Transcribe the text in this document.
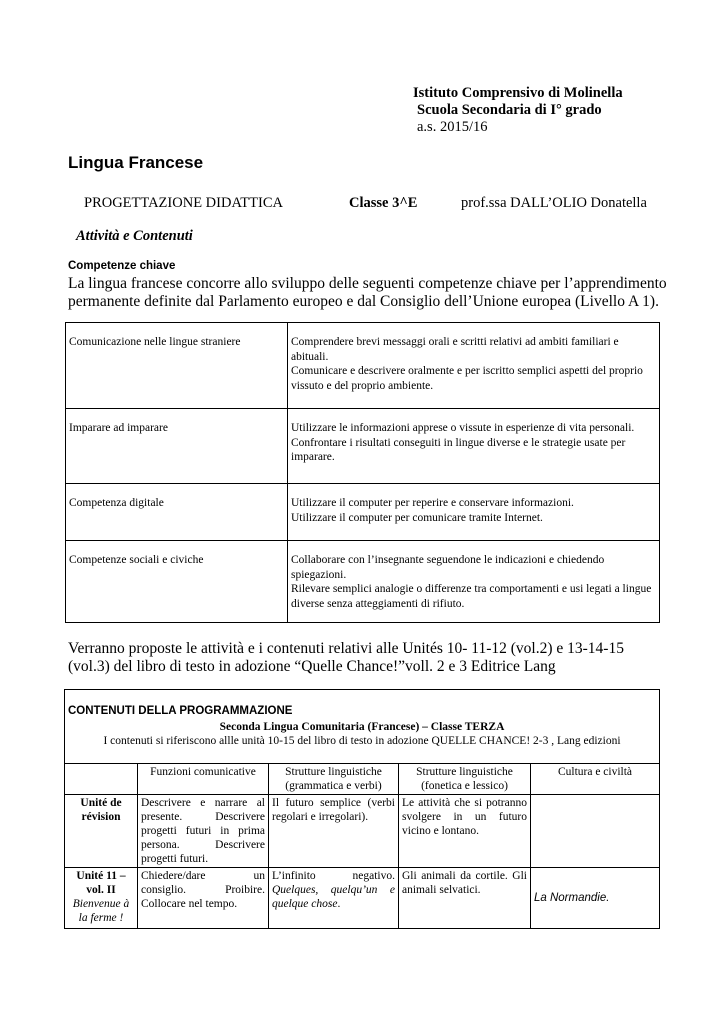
Istituto Comprensivo di Molinella
Scuola Secondaria di I° grado
a.s. 2015/16
Lingua Francese
PROGETTAZIONE DIDATTICA	Classe 3^E	prof.ssa DALL’OLIO Donatella
Attività e Contenuti
Competenze chiave
La lingua francese concorre allo sviluppo delle seguenti competenze chiave per l’apprendimento permanente definite dal Parlamento europeo e dal Consiglio dell’Unione europea (Livello A 1).
Comunicazione nelle lingue straniere	Comprendere brevi messaggi orali e scritti relativi ad ambiti familiari e abituali.
Comunicare e descrivere oralmente e per iscritto semplici aspetti del proprio vissuto e del proprio ambiente.

Imparare ad imparare	Utilizzare le informazioni apprese o vissute in esperienze di vita personali.
Confrontare i risultati conseguiti in lingue diverse e le strategie usate per imparare.

Competenza digitale	Utilizzare il computer per reperire e conservare informazioni.
Utilizzare il computer per comunicare tramite Internet.

Competenze sociali e civiche	Collaborare con l’insegnante seguendone le indicazioni e chiedendo spiegazioni.
Rilevare semplici analogie o differenze tra comportamenti e usi legati a lingue diverse senza atteggiamenti di rifiuto.
Verranno proposte le attività e i contenuti relativi alle Unités 10- 11-12 (vol.2) e 13-14-15 (vol.3) del libro di testo in adozione “Quelle Chance!”voll. 2 e 3 Editrice Lang
CONTENUTI DELLA PROGRAMMAZIONE
Seconda Lingua Comunitaria (Francese) – Classe TERZA
I contenuti si riferiscono allle unità 10-15 del libro di testo in adozione QUELLE CHANCE! 2-3 , Lang edizioni				

	Funzioni comunicative	Strutture linguistiche (grammatica e verbi)	Strutture linguistiche (fonetica e lessico)	Cultura e civiltà
Unité de révision	Descrivere e narrare al presente. Descrivere progetti futuri in prima persona. Descrivere progetti futuri.	Il futuro semplice (verbi regolari e irregolari).	Le attività che si potranno svolgere in un futuro vicino e lontano.	

Unité 11 – vol. II
Bienvenue à la ferme !	Chiedere/dare un consiglio. Proibire. Collocare nel tempo.	L’infinito negativo. Quelques, quelqu’un e quelque chose.	Gli animali da cortile. Gli animali selvatici.	La Normandie.
